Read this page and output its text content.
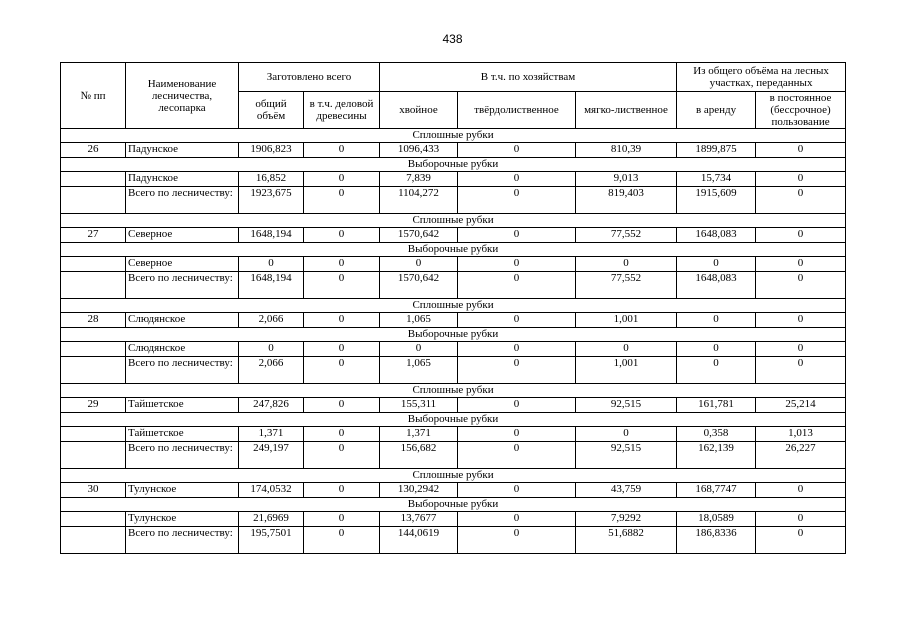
438
№ пп	Наименование лесничества, лесопарка	Заготовлено всего		В т.ч. по хозяйствам			Из общего объёма на лесных участках, переданных	
		общий объём	в т.ч. деловой древесины	хвойное	твёрдолиственное	мягко-лиственное	в аренду	в постоянное (бессрочное) пользование
Сплошные рубки								
26	Падунское	1906,823	0	1096,433	0	810,39	1899,875	0
Выборочные рубки								
	Падунское	16,852	0	7,839	0	9,013	15,734	0
	Всего по лесничеству:	1923,675	0	1104,272	0	819,403	1915,609	0
Сплошные рубки								
27	Северное	1648,194	0	1570,642	0	77,552	1648,083	0
Выборочные рубки								
	Северное	0	0	0	0	0	0	0
	Всего по лесничеству:	1648,194	0	1570,642	0	77,552	1648,083	0
Сплошные рубки								
28	Слюдянское	2,066	0	1,065	0	1,001	0	0
Выборочные рубки								
	Слюдянское	0	0	0	0	0	0	0
	Всего по лесничеству:	2,066	0	1,065	0	1,001	0	0
Сплошные рубки								
29	Тайшетское	247,826	0	155,311	0	92,515	161,781	25,214
Выборочные рубки								
	Тайшетское	1,371	0	1,371	0	0	0,358	1,013
	Всего по лесничеству:	249,197	0	156,682	0	92,515	162,139	26,227
Сплошные рубки								
30	Тулунское	174,0532	0	130,2942	0	43,759	168,7747	0
Выборочные рубки								
	Тулунское	21,6969	0	13,7677	0	7,9292	18,0589	0
	Всего по лесничеству:	195,7501	0	144,0619	0	51,6882	186,8336	0
